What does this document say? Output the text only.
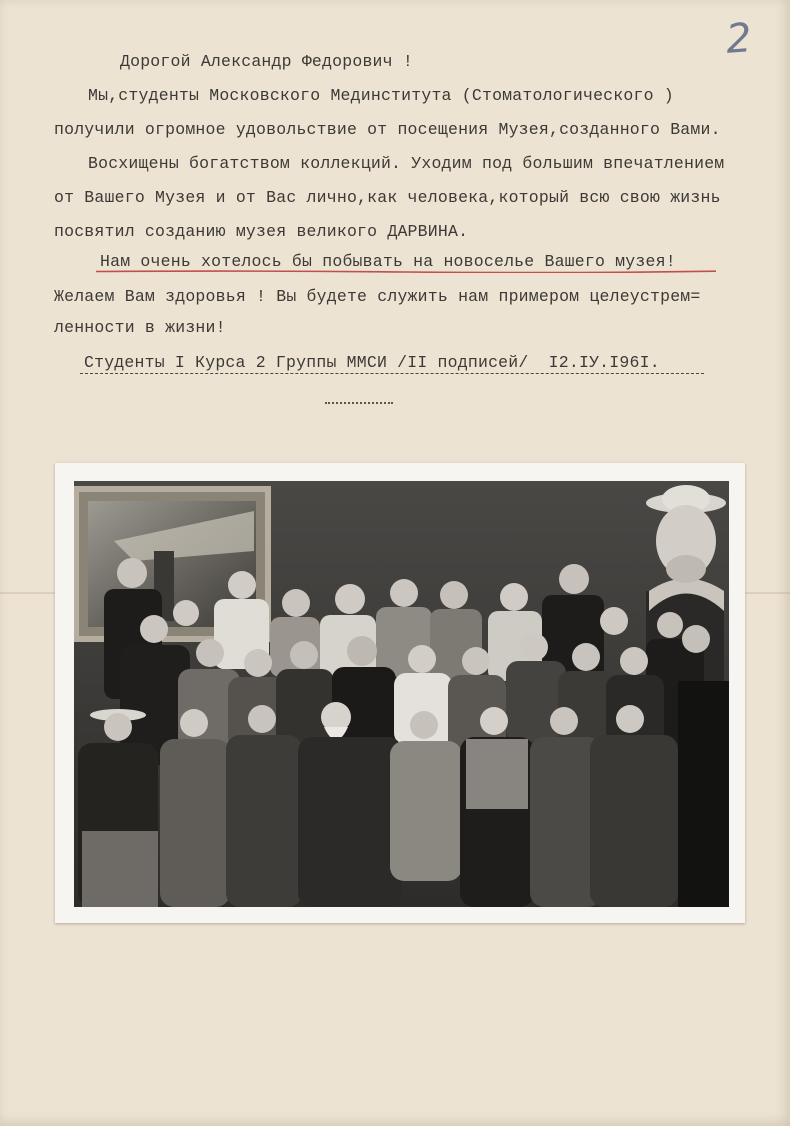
2
Дорогой Александр Федорович !
Мы,студенты Московского Мединститута (Стоматологического )
получили огромное удовольствие от посещения Музея,созданного Вами.
Восхищены богатством коллекций. Уходим под большим впечатлением
от Вашего Музея и от Вас лично,как человека,который всю свою жизнь
посвятил созданию музея великого ДАРВИНА.
Нам очень хотелось бы побывать на новоселье Вашего музея!
Желаем Вам здоровья ! Вы будете служить нам примером целеустрем=
ленности в жизни!
Студенты I Курса 2 Группы ММСИ /II подписей/  I2.IУ.I96I.
